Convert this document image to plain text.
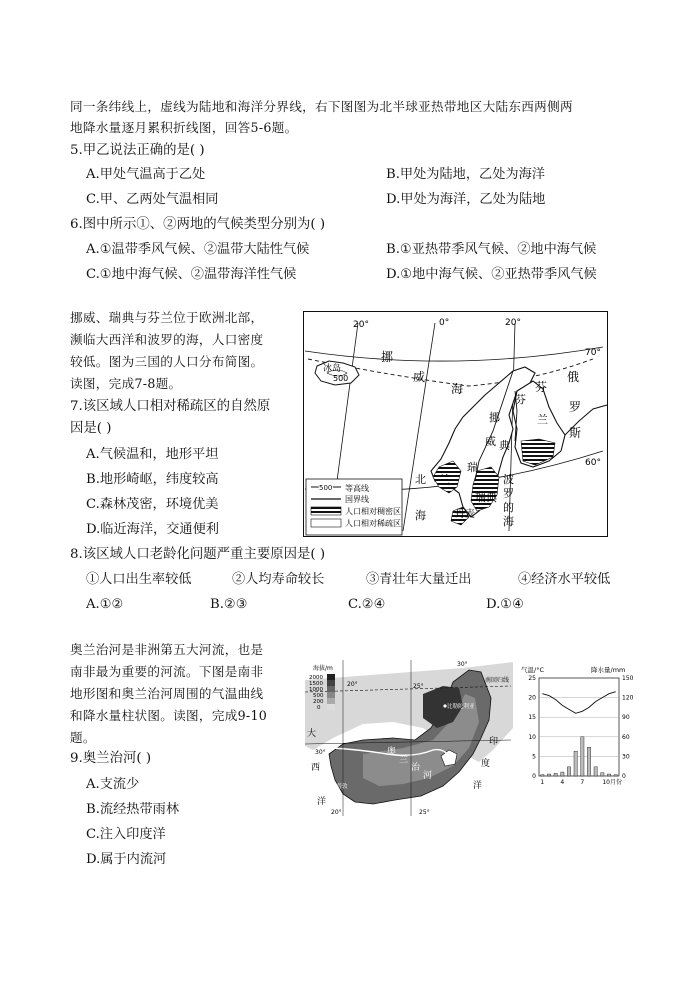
同一条纬线上，虚线为陆地和海洋分界线，右下图图为北半球亚热带地区大陆东西两侧两
地降水量逐月累积折线图，回答5-6题。
5.甲乙说法正确的是( )
A.甲处气温高于乙处	B.甲处为陆地，乙处为海洋
C.甲、乙两处气温相同	D.甲处为海洋，乙处为陆地
6.图中所示①、②两地的气候类型分别为( )
A.①温带季风气候、②温带大陆性气候	B.①亚热带季风气候、②地中海气候
C.①地中海气候、②温带海洋性气候	D.①地中海气候、②亚热带季风气候
挪威、瑞典与芬兰位于欧洲北部，
濒临大西洋和波罗的海，人口密度
较低。图为三国的人口分布简图。
读图，完成7-8题。
7.该区域人口相对稀疏区的自然原
因是( )
A.气候温和，地形平坦
B.地形崎岖，纬度较高
C.森林茂密，环境优美
D.临近海洋，交通便利
20°	0°	20°
70°
60°
冰岛
500
挪
威
海	芬
俄
罗
斯
芬
兰
挪
威
瑞
典
瑞典
兰	波
罗
的
海
北
海	丹麦
500 等高线
国界线
人口相对稠密区
人口相对稀疏区
8.该区域人口老龄化问题严重主要原因是( )
①人口出生率较低	②人均寿命较长	③青壮年大量迁出	④经济水平较低
A.①②	B.②③	C.②④	D.①④
奥兰治河是非洲第五大河流，也是
南非最为重要的河流。下图是南非
地形图和奥兰治河周围的气温曲线
和降水量柱状图。读图，完成9-10
题。
9.奥兰治河( )
A.支流少
B.流经热带雨林
C.注入印度洋
D.属于内流河
海拔/m
2000
1500
1000
500
200
0
20°	25°
30°
20°	25°
30°
南回归线
大
西
洋
印
度
洋
奥
兰
治
河
比勒陀利亚
开普敦
气温/°C	降水量/mm
25	150
20	120
15	90
10	60
5	30
0	0
1	4	7	10月份
